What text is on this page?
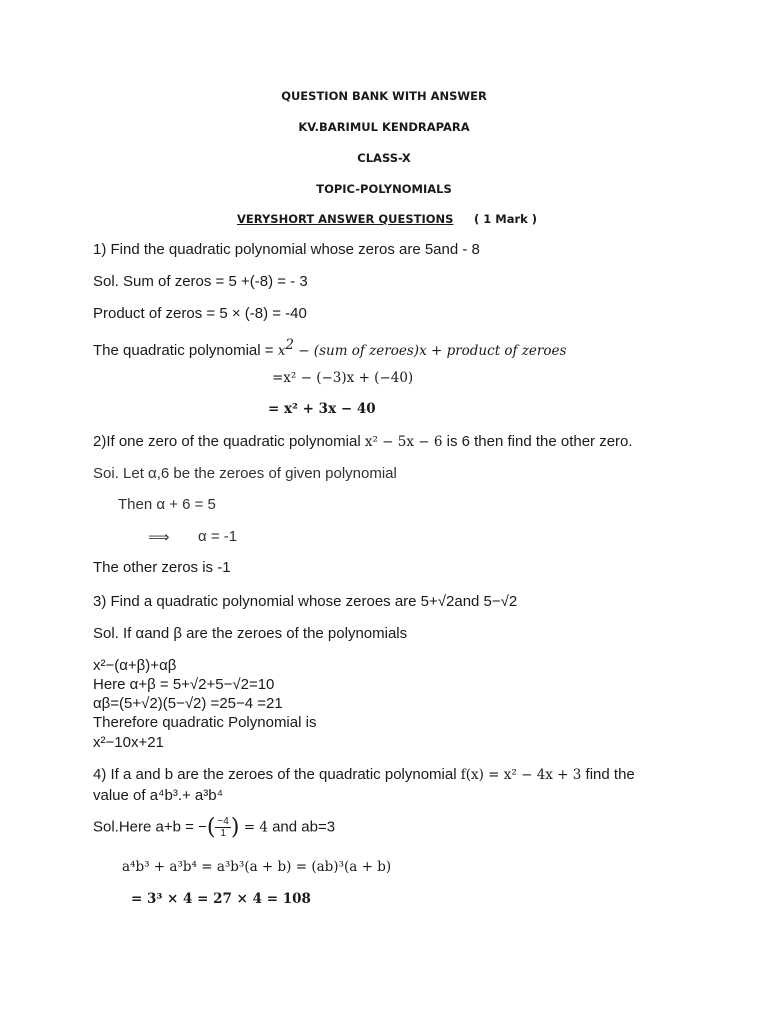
QUESTION BANK WITH ANSWER
KV.BARIMUL KENDRAPARA
CLASS-X
TOPIC-POLYNOMIALS
VERYSHORT ANSWER QUESTIONS ( 1 Mark )
1) Find the quadratic polynomial whose zeros are 5and - 8
Sol. Sum of zeros = 5 +(-8) = - 3
Product of zeros = 5 × (-8) = -40
The quadratic polynomial = $x^2 - (sum$ of zeroes)x + product of zeroes
=x² − (−3)x + (−40)
= x² + 3x − 40
2)If one zero of the quadratic polynomial x² − 5x − 6 is 6 then find the other zero.
Soi. Let α,6 be the zeroes of given polynomial
Then α + 6 = 5
⟹ α = -1
The other zeros is -1
3) Find a quadratic polynomial whose zeroes are 5+√2and 5−√2
Sol. If αand β are the zeroes of the polynomials
x²−(α+β)+αβ
Here α+β = 5+√2+5−√2=10
αβ=(5+√2)(5−√2) =25−4 =21
Therefore quadratic Polynomial is
x²−10x+21
4) If a and b are the zeroes of the quadratic polynomial f(x) = x² − 4x + 3 find the
value of a⁴b³.+ a³b⁴
Sol.Here a+b = −( $\frac{-4}{1}$ ) = 4 and ab=3
a⁴b³ + a³b⁴ = a³b³(a + b) = (ab)³(a + b)
= 3³ × 4 = 27 × 4 = 108
